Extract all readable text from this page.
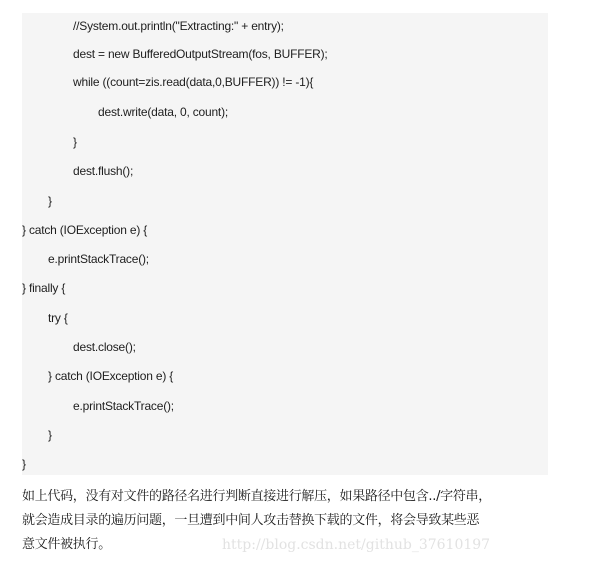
//System.out.println("Extracting:" + entry);
dest = new BufferedOutputStream(fos, BUFFER);
while ((count=zis.read(data,0,BUFFER)) != -1){
dest.write(data, 0, count);
}
dest.flush();
}
} catch (IOException e) {
e.printStackTrace();
} finally {
try {
dest.close();
} catch (IOException e) {
e.printStackTrace();
}
}
如上代码，没有对文件的路径名进行判断直接进行解压，如果路径中包含../字符串，
就会造成目录的遍历问题，一旦遭到中间人攻击替换下载的文件，将会导致某些恶
意文件被执行。	http://blog.csdn.net/github_37610197
